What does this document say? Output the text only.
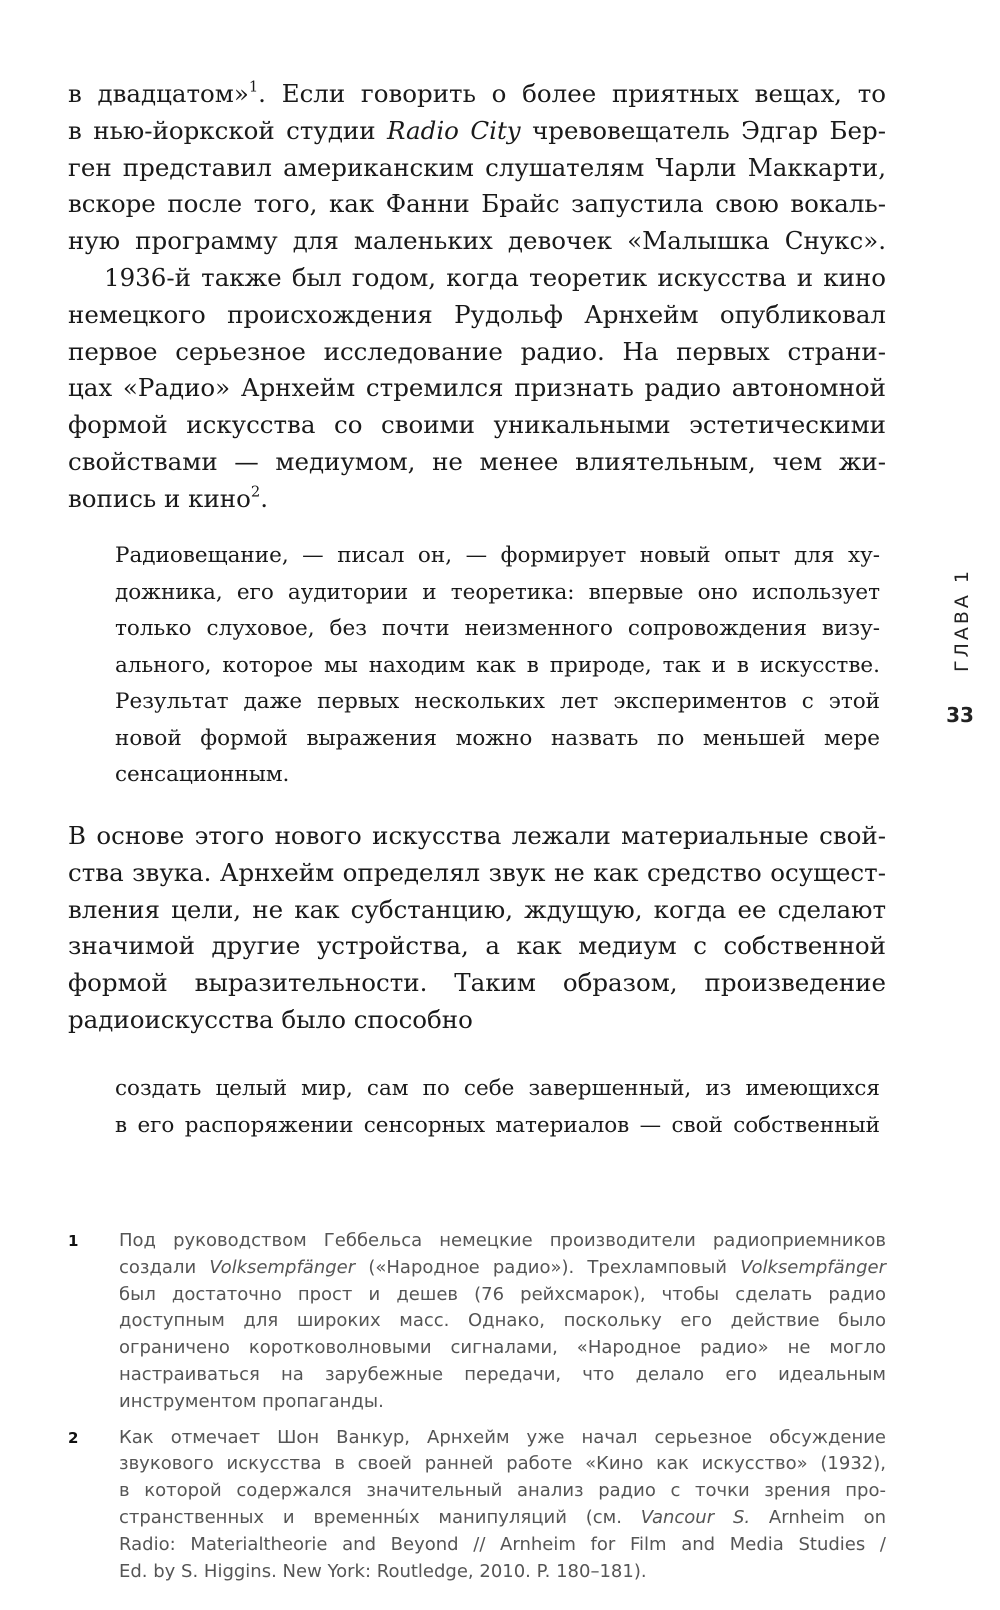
в двадцатом»$^1$. Если говорить о более приятных вещах, то
в нью-йоркской студии Radio City чревовещатель Эдгар Бер-
ген представил американским слушателям Чарли Маккарти,
вскоре после того, как Фанни Брайс запустила свою вокаль-
ную программу для маленьких девочек «Малышка Снукс».
1936-й также был годом, когда теоретик искусства и кино
немецкого происхождения Рудольф Арнхейм опубликовал
первое серьезное исследование радио. На первых страни-
цах «Радио» Арнхейм стремился признать радио автономной
формой искусства со своими уникальными эстетическими
свойствами — медиумом, не менее влиятельным, чем жи-
вопись и кино$^2$.
Радиовещание, — писал он, — формирует новый опыт для ху-
дожника, его аудитории и теоретика: впервые оно использует
только слуховое, без почти неизменного сопровождения визу-
ального, которое мы находим как в природе, так и в искусстве.
Результат даже первых нескольких лет экспериментов с этой
новой формой выражения можно назвать по меньшей мере
сенсационным.
В основе этого нового искусства лежали материальные свой-
ства звука. Арнхейм определял звук не как средство осущест-
вления цели, не как субстанцию, ждущую, когда ее сделают
значимой другие устройства, а как медиум с собственной
формой выразительности. Таким образом, произведение
радиоискусства было способно
создать целый мир, сам по себе завершенный, из имеющихся
в его распоряжении сенсорных материалов — свой собственный
1 Под руководством Геббельса немецкие производители радиоприемников
создали Volksempfänger («Народное радио»). Трехламповый Volksempfänger
был достаточно прост и дешев (76 рейхсмарок), чтобы сделать радио
доступным для широких масс. Однако, поскольку его действие было
ограничено коротковолновыми сигналами, «Народное радио» не могло
настраиваться на зарубежные передачи, что делало его идеальным
инструментом пропаганды.
2 Как отмечает Шон Ванкур, Арнхейм уже начал серьезное обсуждение
звукового искусства в своей ранней работе «Кино как искусство» (1932),
в которой содержался значительный анализ радио с точки зрения про-
странственных и временны́х манипуляций (см. Vancour S. Arnheim on
Radio: Materialtheorie and Beyond // Arnheim for Film and Media Studies /
Ed. by S. Higgins. New York: Routledge, 2010. P. 180–181).
ГЛАВА 1
33
